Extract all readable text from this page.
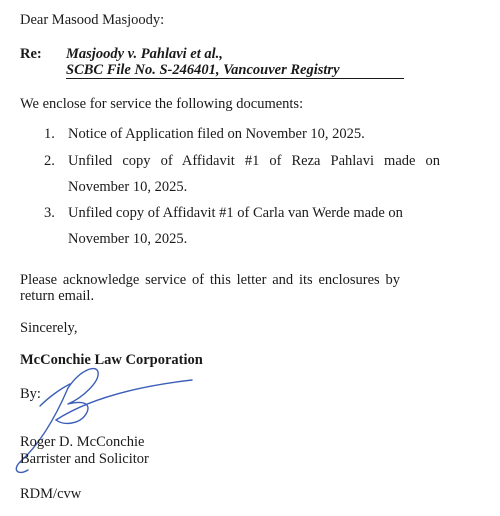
Dear Masood Masjoody:

Re: Masjoody v. Pahlavi et al.,
SCBC File No. S-246401, Vancouver Registry

We enclose for service the following documents:

1. Notice of Application filed on November 10, 2025.
2. Unfiled copy of Affidavit #1 of Reza Pahlavi made on
November 10, 2025.
3. Unfiled copy of Affidavit #1 of Carla van Werde made on
November 10, 2025.
Please acknowledge service of this letter and its enclosures by
return email.

Sincerely,

McConchie Law Corporation

By:

Roger D. McConchie

Barrister and Solicitor

RDM/cvw
